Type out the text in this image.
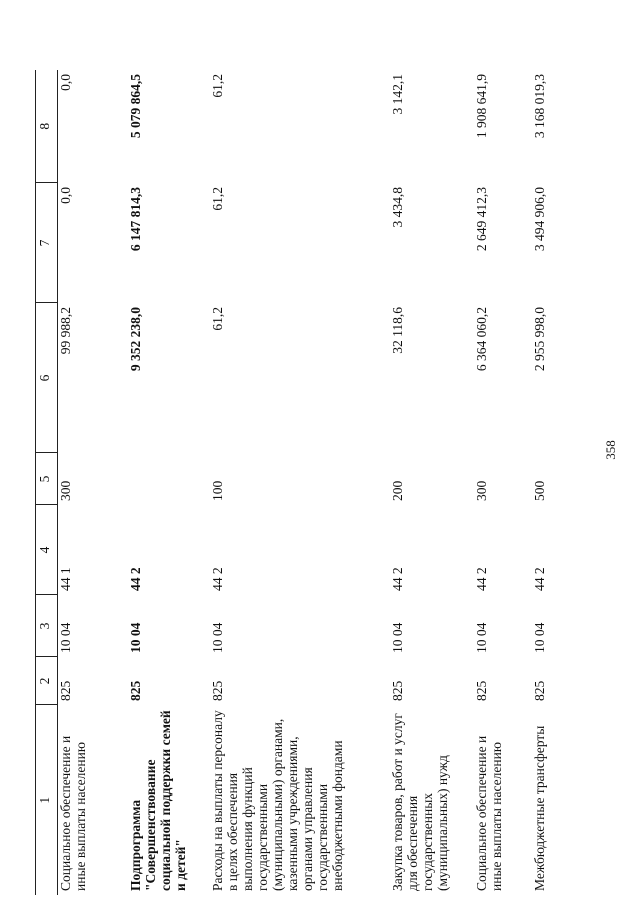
358
1	2	3	4	5	6	7	8
Социальное обеспечение и иные выплаты населению	825	10 04	44 1	300	99 988,2	0,0	0,0
Подпрограмма "Совершенствование социальной поддержки семей и детей"	825	10 04	44 2		9 352 238,0	6 147 814,3	5 079 864,5
Расходы на выплаты персоналу в целях обеспечения выполнения функций государственными (муниципальными) органами, казенными учреждениями, органами управления государственными внебюджетными фондами	825	10 04	44 2	100	61,2	61,2	61,2
Закупка товаров, работ и услуг для обеспечения государственных (муниципальных) нужд	825	10 04	44 2	200	32 118,6	3 434,8	3 142,1
Социальное обеспечение и иные выплаты населению	825	10 04	44 2	300	6 364 060,2	2 649 412,3	1 908 641,9
Межбюджетные трансферты	825	10 04	44 2	500	2 955 998,0	3 494 906,0	3 168 019,3
